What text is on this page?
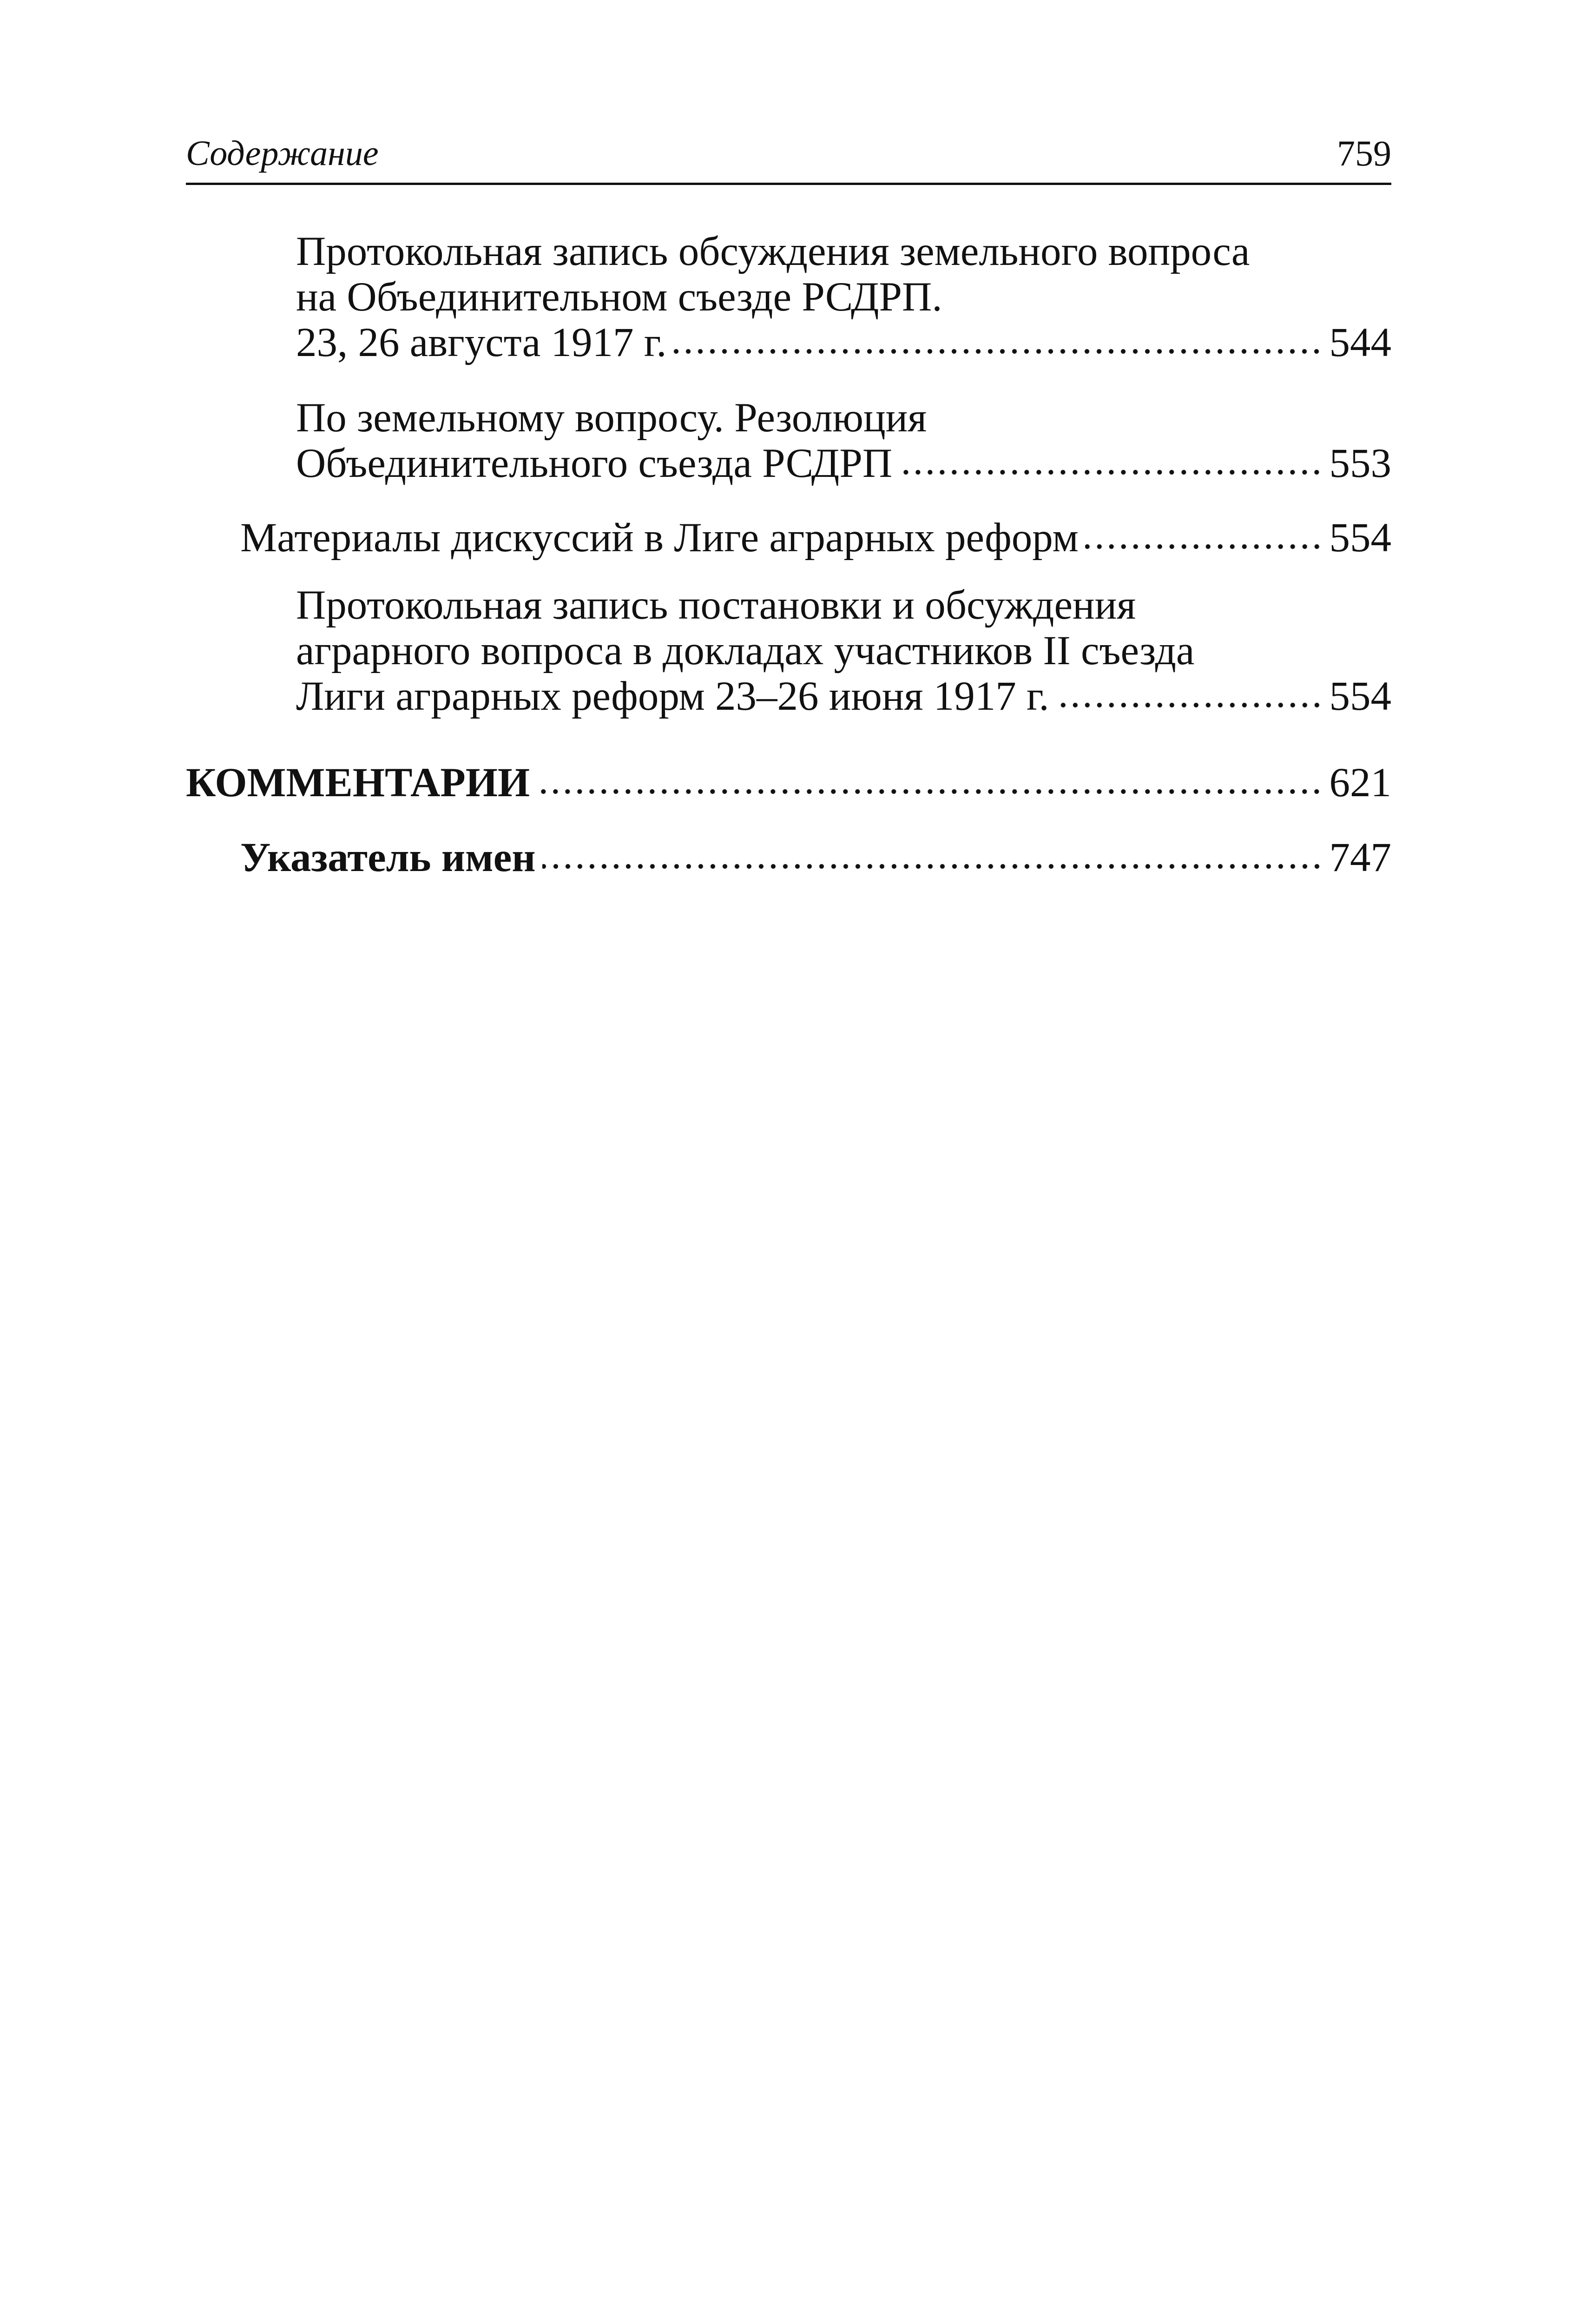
Содержание	759
Протокольная запись обсуждения земельного вопроса
на Объединительном съезде РСДРП.
23, 26 августа 1917 г.	544
По земельному вопросу. Резолюция
Объединительного съезда РСДРП	553
Материалы дискуссий в Лиге аграрных реформ	554
Протокольная запись постановки и обсуждения
аграрного вопроса в докладах участников II съезда
Лиги аграрных реформ 23–26 июня 1917 г.	554
КОММЕНТАРИИ	621
Указатель имен	747
